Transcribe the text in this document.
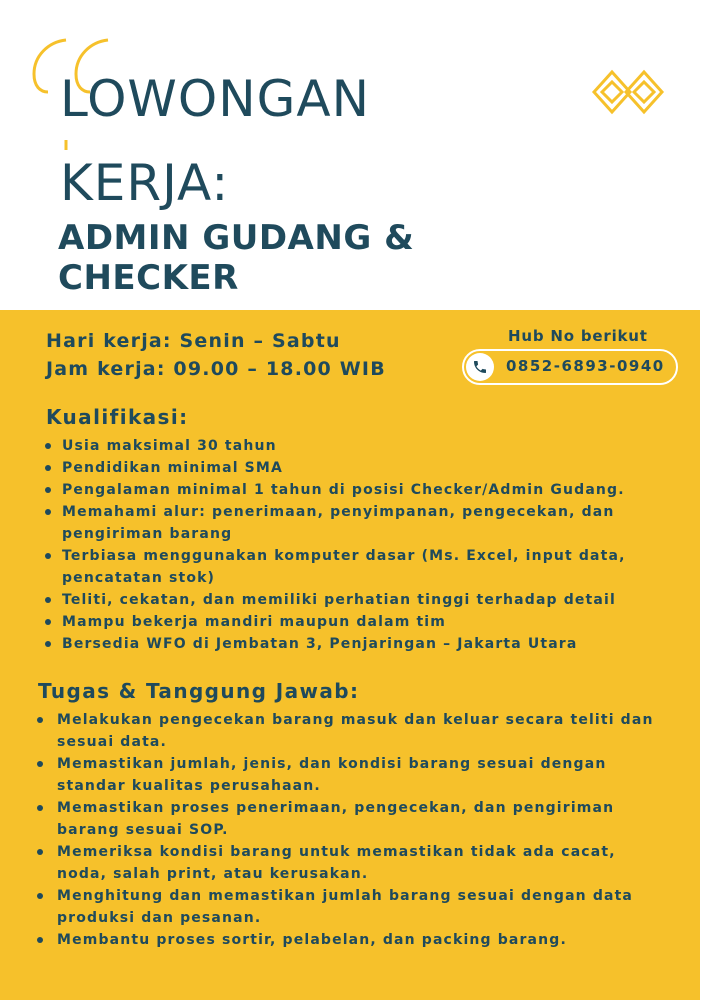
LOWONGAN
KERJA:
ADMIN GUDANG &
CHECKER
Hari kerja: Senin – Sabtu
Jam kerja: 09.00 – 18.00 WIB
Hub No berikut
0852-6893-0940
Kualifikasi:
Usia maksimal 30 tahun
Pendidikan minimal SMA
Pengalaman minimal 1 tahun di posisi Checker/Admin Gudang.
Memahami alur: penerimaan, penyimpanan, pengecekan, dan
pengiriman barang
Terbiasa menggunakan komputer dasar (Ms. Excel, input data,
pencatatan stok)
Teliti, cekatan, dan memiliki perhatian tinggi terhadap detail
Mampu bekerja mandiri maupun dalam tim
Bersedia WFO di Jembatan 3, Penjaringan – Jakarta Utara
Tugas & Tanggung Jawab:
Melakukan pengecekan barang masuk dan keluar secara teliti dan
sesuai data.
Memastikan jumlah, jenis, dan kondisi barang sesuai dengan
standar kualitas perusahaan.
Memastikan proses penerimaan, pengecekan, dan pengiriman
barang sesuai SOP.
Memeriksa kondisi barang untuk memastikan tidak ada cacat,
noda, salah print, atau kerusakan.
Menghitung dan memastikan jumlah barang sesuai dengan data
produksi dan pesanan.
Membantu proses sortir, pelabelan, dan packing barang.
